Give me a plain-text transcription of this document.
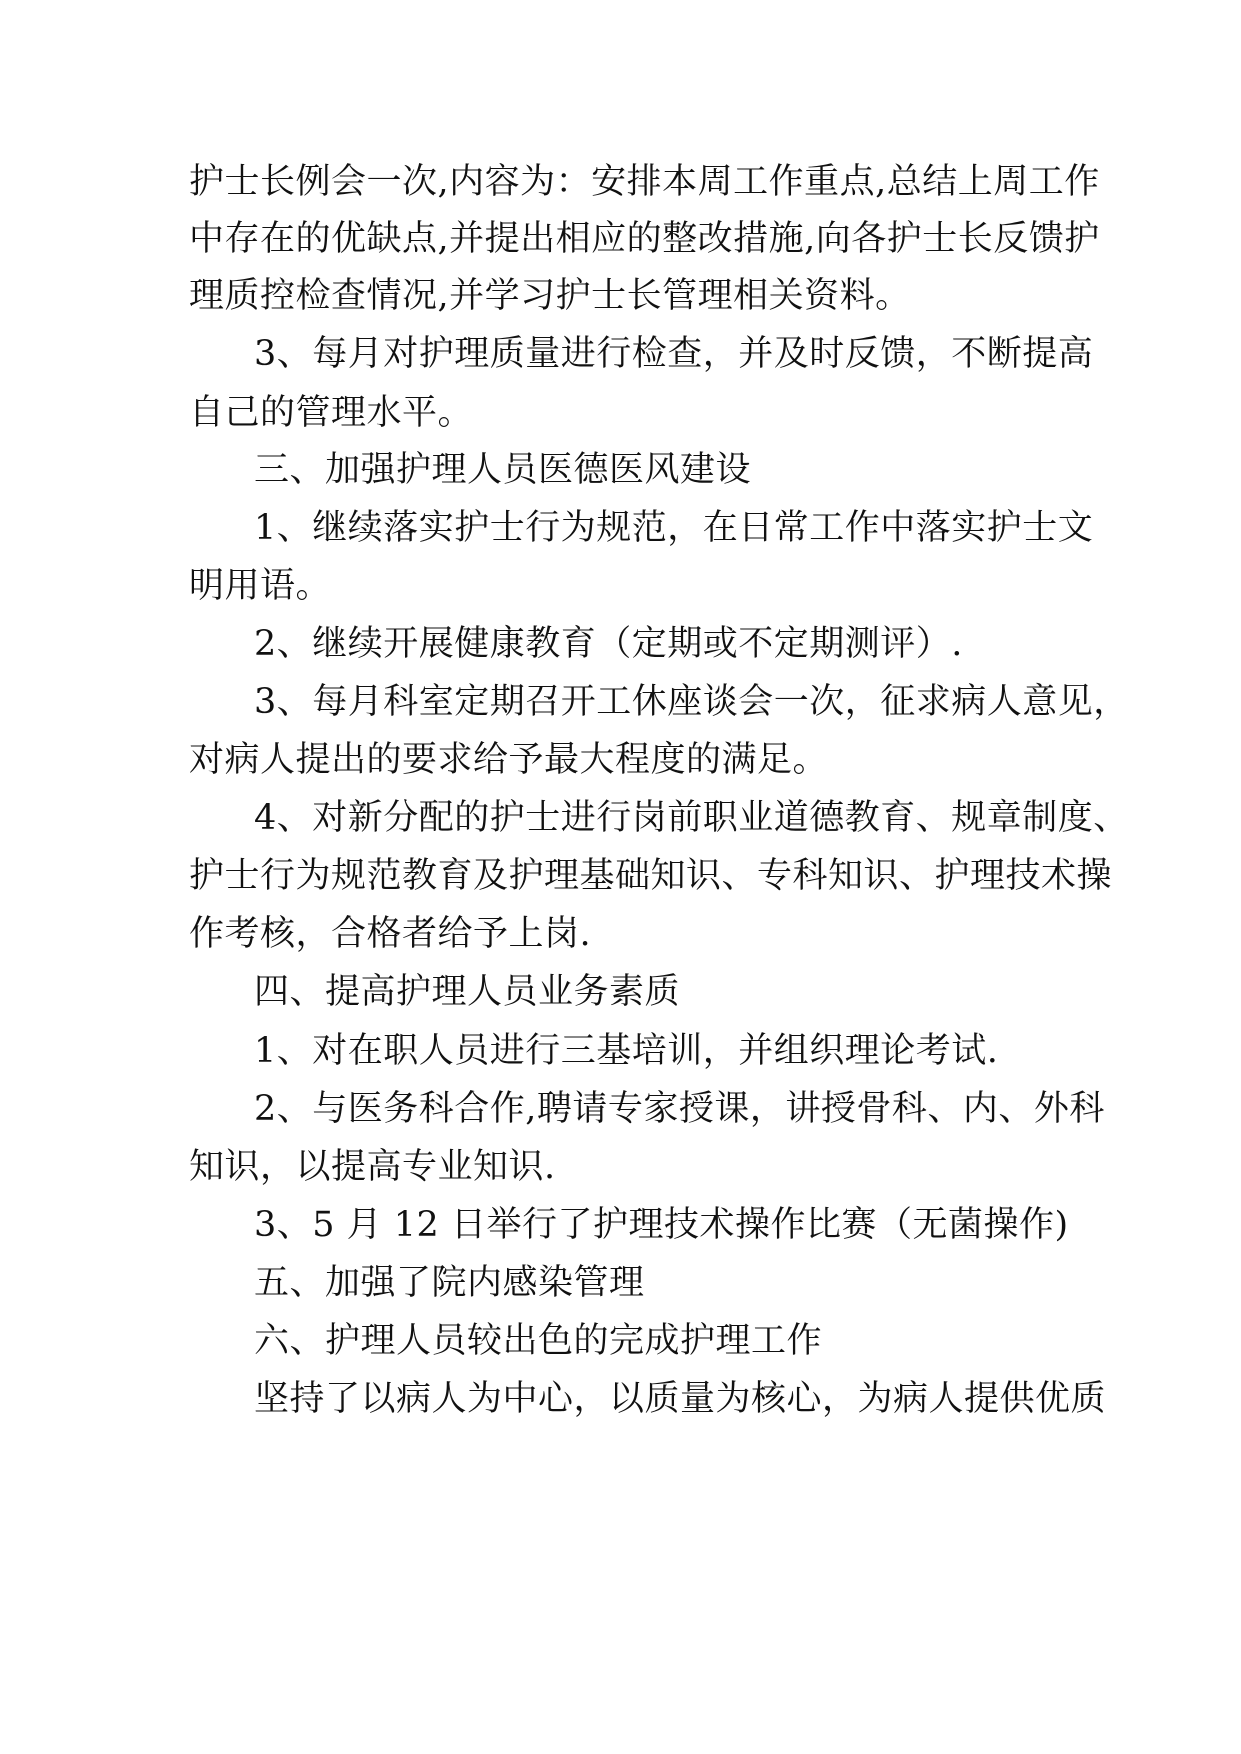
护士长例会一次,内容为：安排本周工作重点,总结上周工作
中存在的优缺点,并提出相应的整改措施,向各护士长反馈护
理质控检查情况,并学习护士长管理相关资料。
3、每月对护理质量进行检查，并及时反馈，不断提高
自己的管理水平。
三、加强护理人员医德医风建设
1、继续落实护士行为规范，在日常工作中落实护士文
明用语。
2、继续开展健康教育（定期或不定期测评）.
3、每月科室定期召开工休座谈会一次，征求病人意见，
对病人提出的要求给予最大程度的满足。
4、对新分配的护士进行岗前职业道德教育、规章制度、
护士行为规范教育及护理基础知识、专科知识、护理技术操
作考核，合格者给予上岗.
四、提高护理人员业务素质
1、对在职人员进行三基培训，并组织理论考试.
2、与医务科合作,聘请专家授课，讲授骨科、内、外科
知识，以提高专业知识.
3、5 月 12 日举行了护理技术操作比赛（无菌操作)
五、加强了院内感染管理
六、护理人员较出色的完成护理工作
坚持了以病人为中心，以质量为核心，为病人提供优质
